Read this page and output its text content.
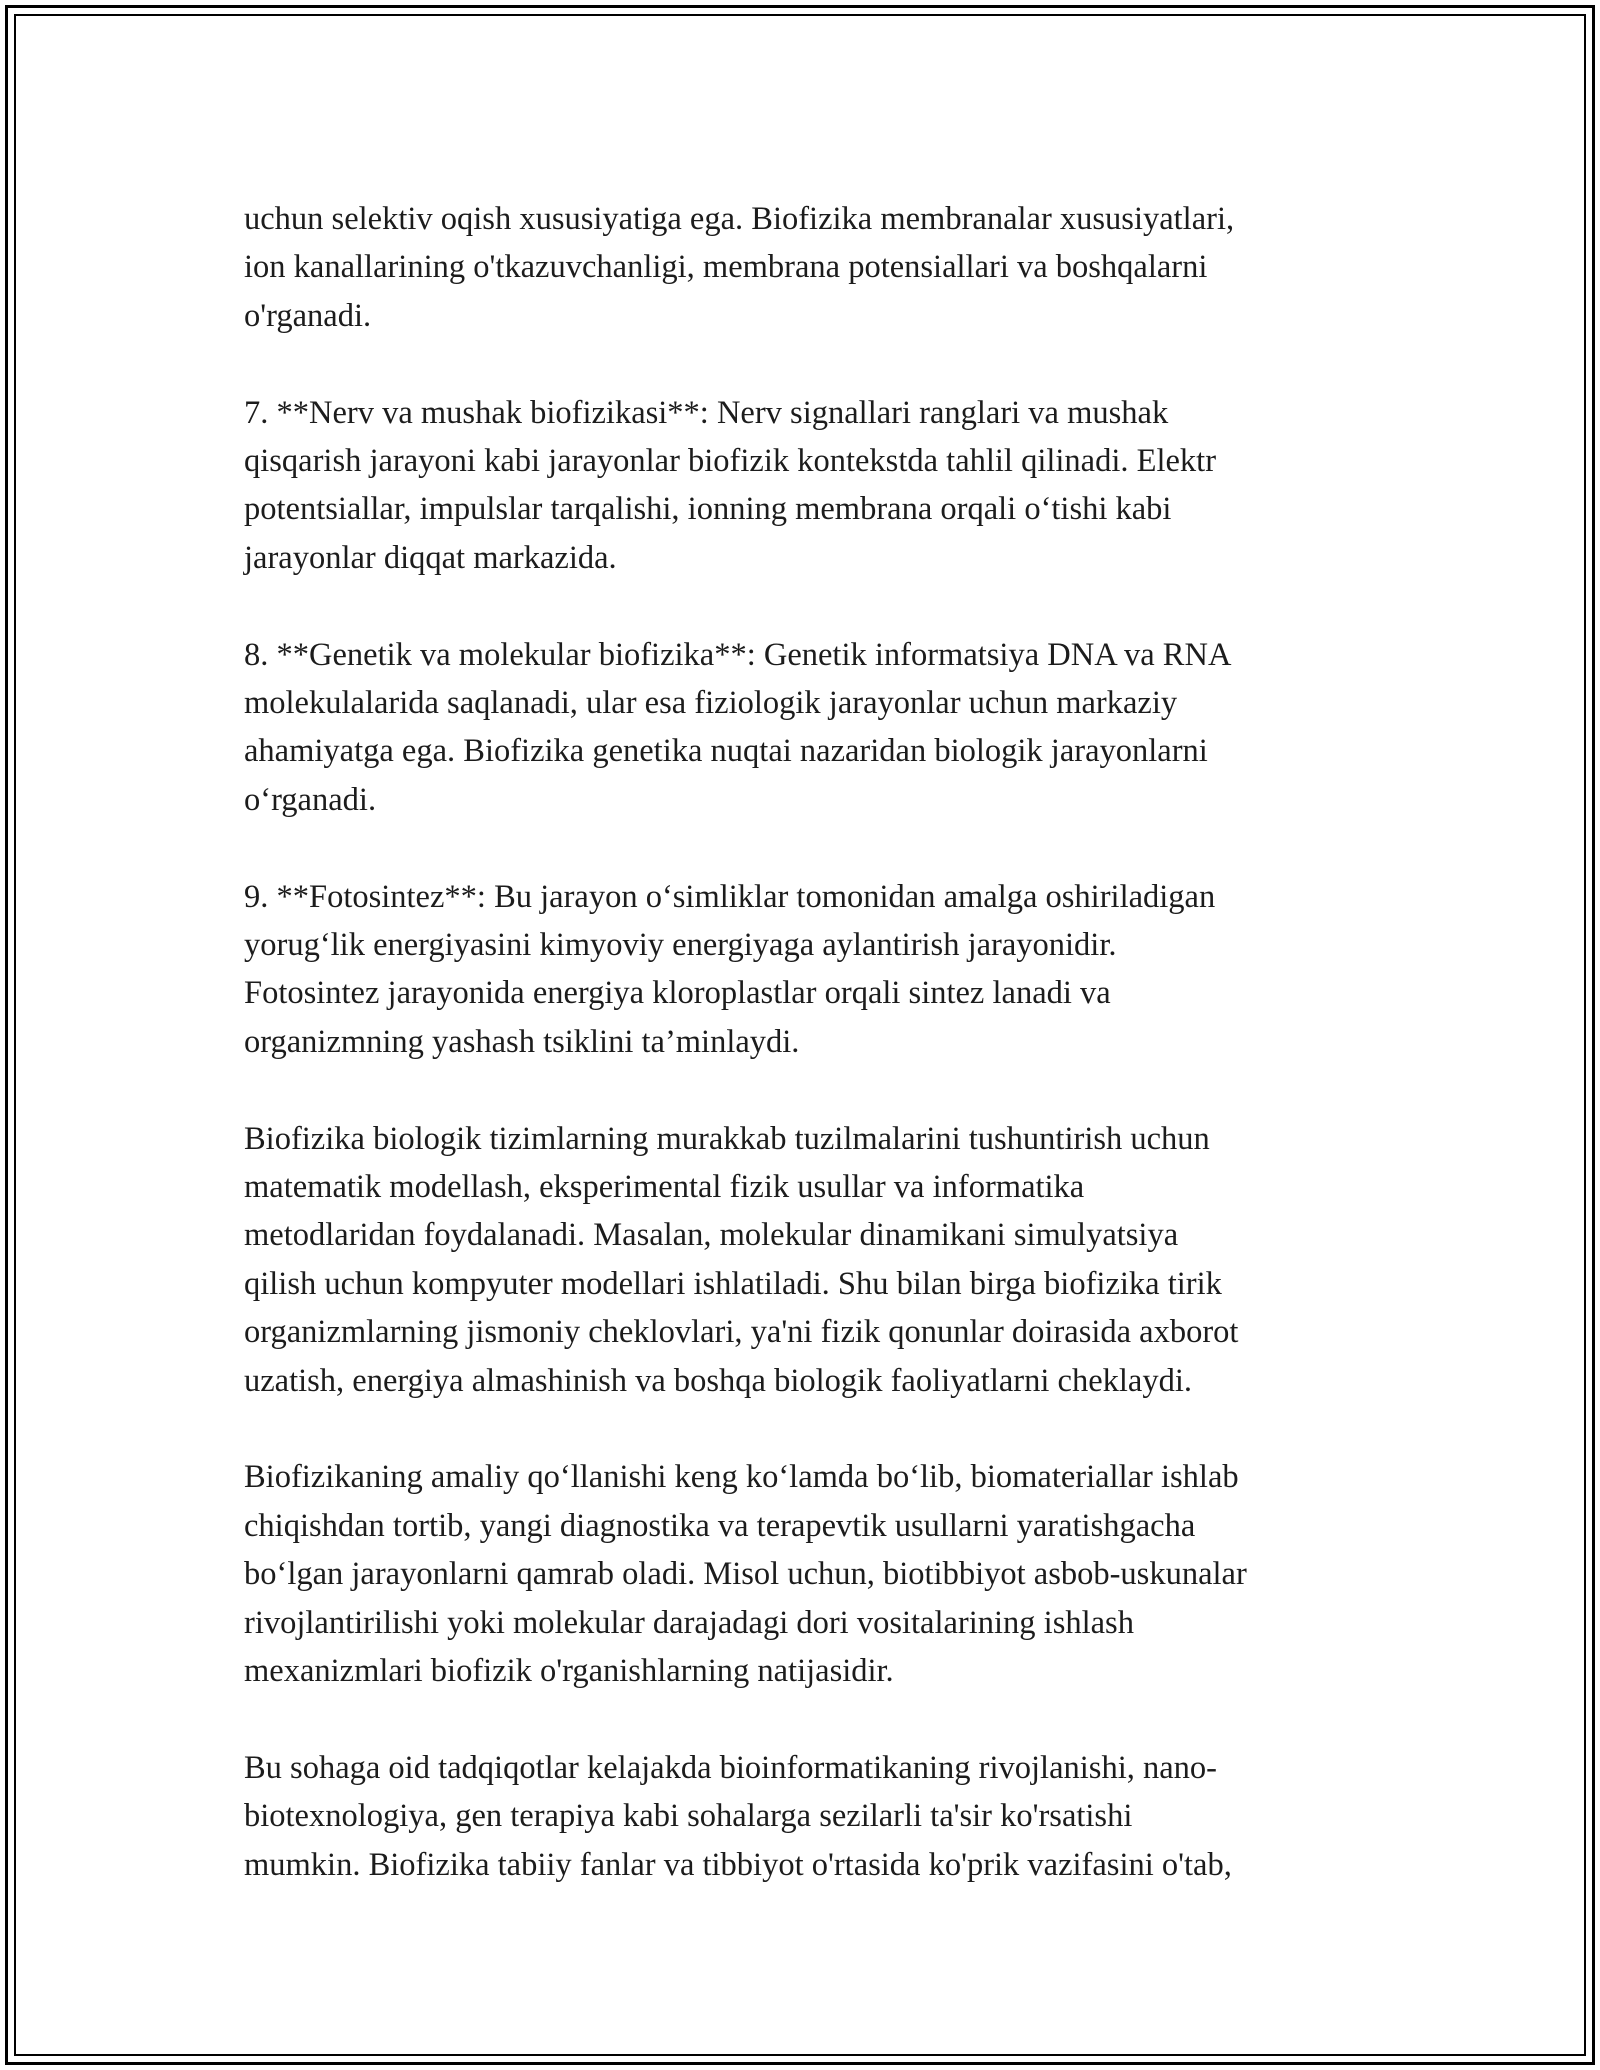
uchun selektiv oqish xususiyatiga ega. Biofizika membranalar xususiyatlari,
ion kanallarining o'tkazuvchanligi, membrana potensiallari va boshqalarni
o'rganadi.

7. **Nerv va mushak biofizikasi**: Nerv signallari ranglari va mushak
qisqarish jarayoni kabi jarayonlar biofizik kontekstda tahlil qilinadi. Elektr
potentsiallar, impulslar tarqalishi, ionning membrana orqali o‘tishi kabi
jarayonlar diqqat markazida.

8. **Genetik va molekular biofizika**: Genetik informatsiya DNA va RNA
molekulalarida saqlanadi, ular esa fiziologik jarayonlar uchun markaziy
ahamiyatga ega. Biofizika genetika nuqtai nazaridan biologik jarayonlarni
o‘rganadi.

9. **Fotosintez**: Bu jarayon o‘simliklar tomonidan amalga oshiriladigan
yorug‘lik energiyasini kimyoviy energiyaga aylantirish jarayonidir.
Fotosintez jarayonida energiya kloroplastlar orqali sintez lanadi va
organizmning yashash tsiklini ta’minlaydi.

Biofizika biologik tizimlarning murakkab tuzilmalarini tushuntirish uchun
matematik modellash, eksperimental fizik usullar va informatika
metodlaridan foydalanadi. Masalan, molekular dinamikani simulyatsiya
qilish uchun kompyuter modellari ishlatiladi. Shu bilan birga biofizika tirik
organizmlarning jismoniy cheklovlari, ya'ni fizik qonunlar doirasida axborot
uzatish, energiya almashinish va boshqa biologik faoliyatlarni cheklaydi.

Biofizikaning amaliy qo‘llanishi keng ko‘lamda bo‘lib, biomateriallar ishlab
chiqishdan tortib, yangi diagnostika va terapevtik usullarni yaratishgacha
bo‘lgan jarayonlarni qamrab oladi. Misol uchun, biotibbiyot asbob-uskunalar
rivojlantirilishi yoki molekular darajadagi dori vositalarining ishlash
mexanizmlari biofizik o'rganishlarning natijasidir.

Bu sohaga oid tadqiqotlar kelajakda bioinformatikaning rivojlanishi, nano-
biotexnologiya, gen terapiya kabi sohalarga sezilarli ta'sir ko'rsatishi
mumkin. Biofizika tabiiy fanlar va tibbiyot o'rtasida ko'prik vazifasini o'tab,
